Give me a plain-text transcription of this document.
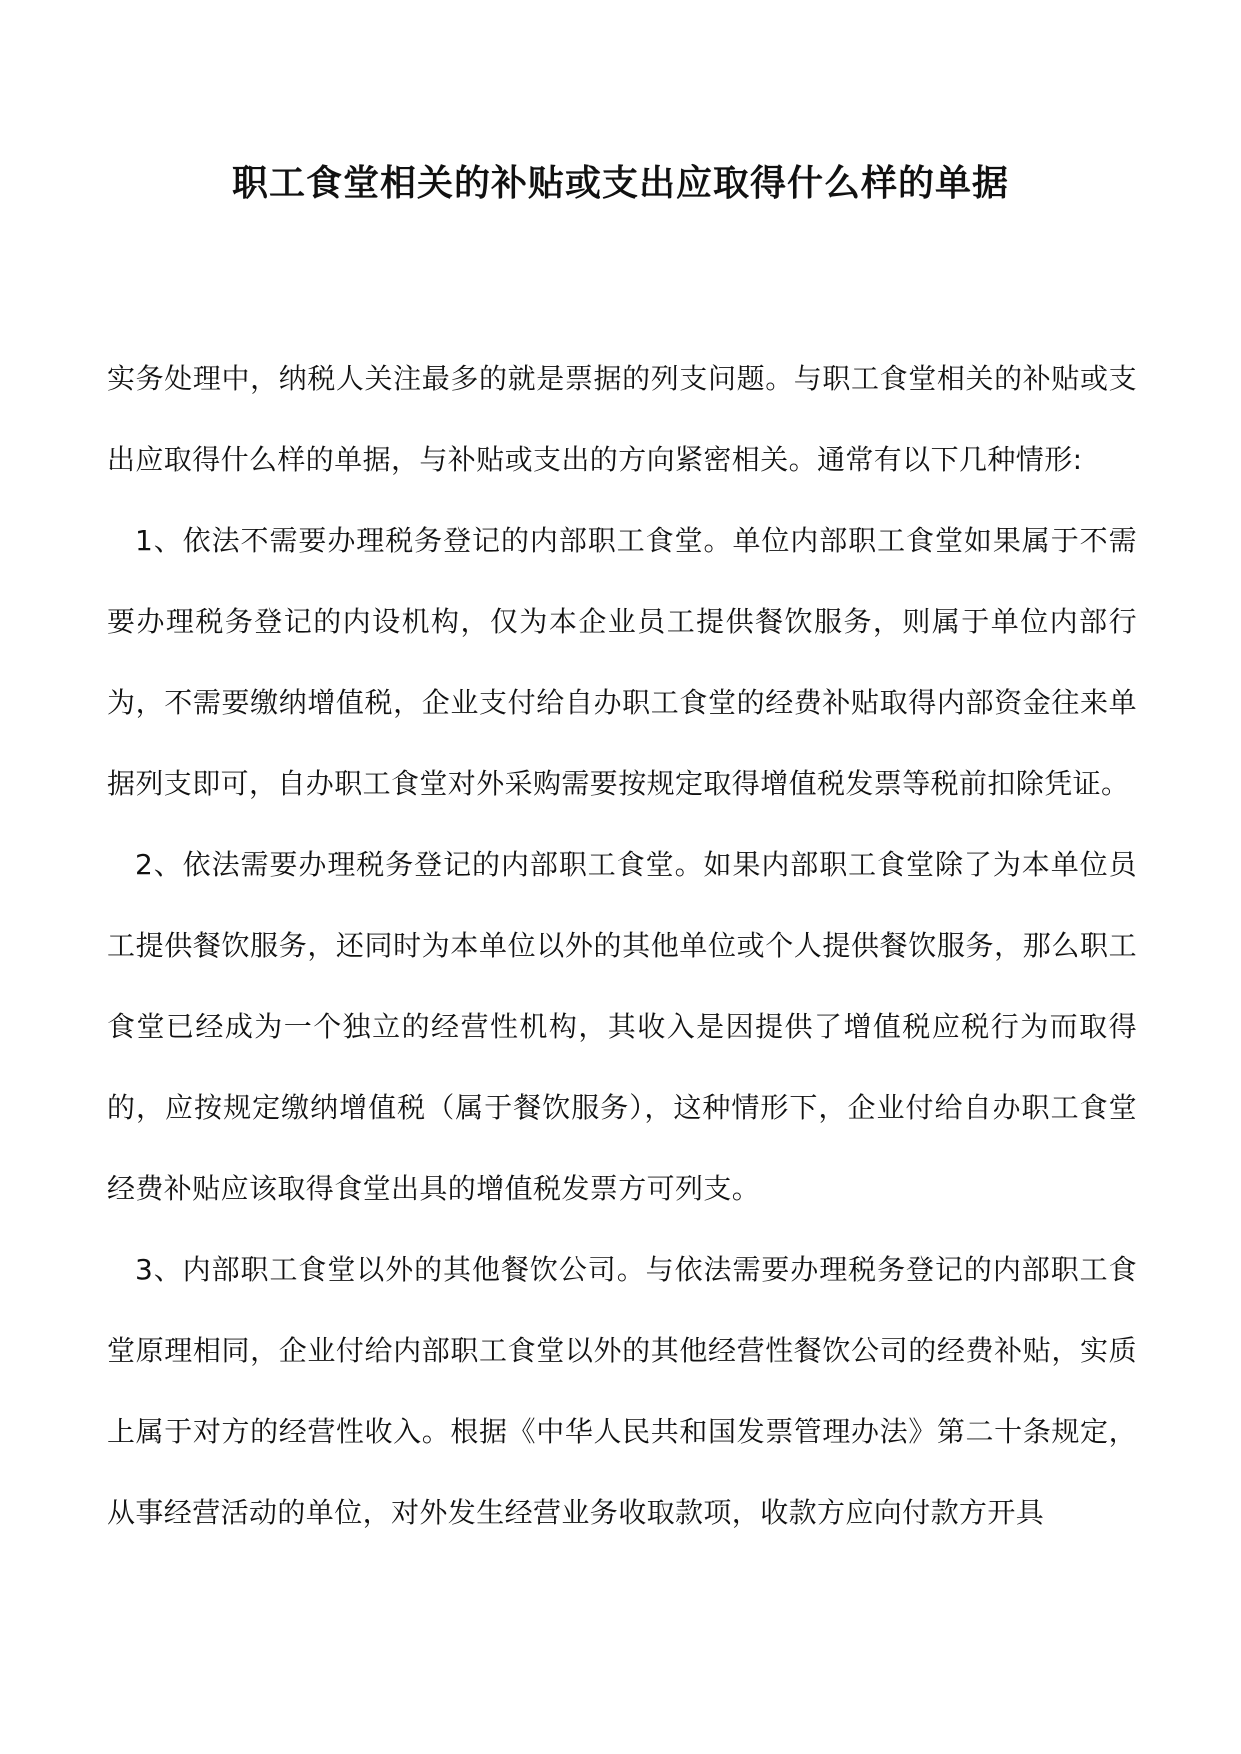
职工食堂相关的补贴或支出应取得什么样的单据

实务处理中，纳税人关注最多的就是票据的列支问题。与职工食堂相关的补贴或支出应取得什么样的单据，与补贴或支出的方向紧密相关。通常有以下几种情形:

1、依法不需要办理税务登记的内部职工食堂。单位内部职工食堂如果属于不需要办理税务登记的内设机构，仅为本企业员工提供餐饮服务，则属于单位内部行为，不需要缴纳增值税，企业支付给自办职工食堂的经费补贴取得内部资金往来单据列支即可，自办职工食堂对外采购需要按规定取得增值税发票等税前扣除凭证。

2、依法需要办理税务登记的内部职工食堂。如果内部职工食堂除了为本单位员工提供餐饮服务，还同时为本单位以外的其他单位或个人提供餐饮服务，那么职工食堂已经成为一个独立的经营性机构，其收入是因提供了增值税应税行为而取得的，应按规定缴纳增值税（属于餐饮服务），这种情形下，企业付给自办职工食堂经费补贴应该取得食堂出具的增值税发票方可列支。

3、内部职工食堂以外的其他餐饮公司。与依法需要办理税务登记的内部职工食堂原理相同，企业付给内部职工食堂以外的其他经营性餐饮公司的经费补贴，实质上属于对方的经营性收入。根据《中华人民共和国发票管理办法》第二十条规定，从事经营活动的单位，对外发生经营业务收取款项，收款方应向付款方开具
